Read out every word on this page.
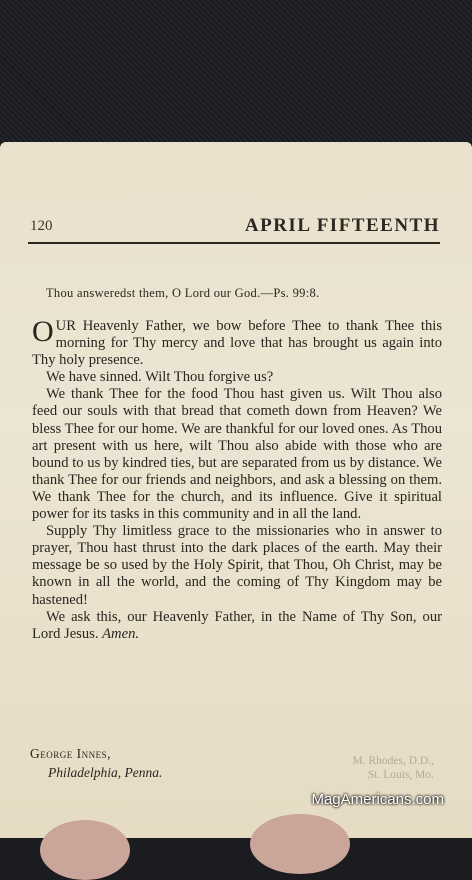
120	APRIL FIFTEENTH
Thou answeredst them, O Lord our God.—Ps. 99:8.

OUR Heavenly Father, we bow before Thee to thank Thee this morning for Thy mercy and love that has brought us again into Thy holy presence.

We have sinned. Wilt Thou forgive us?

We thank Thee for the food Thou hast given us. Wilt Thou also feed our souls with that bread that cometh down from Heaven? We bless Thee for our home. We are thankful for our loved ones. As Thou art present with us here, wilt Thou also abide with those who are bound to us by kindred ties, but are separated from us by distance. We thank Thee for our friends and neighbors, and ask a blessing on them. We thank Thee for the church, and its influence. Give it spiritual power for its tasks in this community and in all the land.

Supply Thy limitless grace to the missionaries who in answer to prayer, Thou hast thrust into the dark places of the earth. May their message be so used by the Holy Spirit, that Thou, Oh Christ, may be known in all the world, and the coming of Thy Kingdom may be hastened!

We ask this, our Heavenly Father, in the Name of Thy Son, our Lord Jesus. Amen.

M. Rhodes, D.D.,
St. Louis, Mo.
George Innes,
Philadelphia, Penna.
MagAmericans.com
